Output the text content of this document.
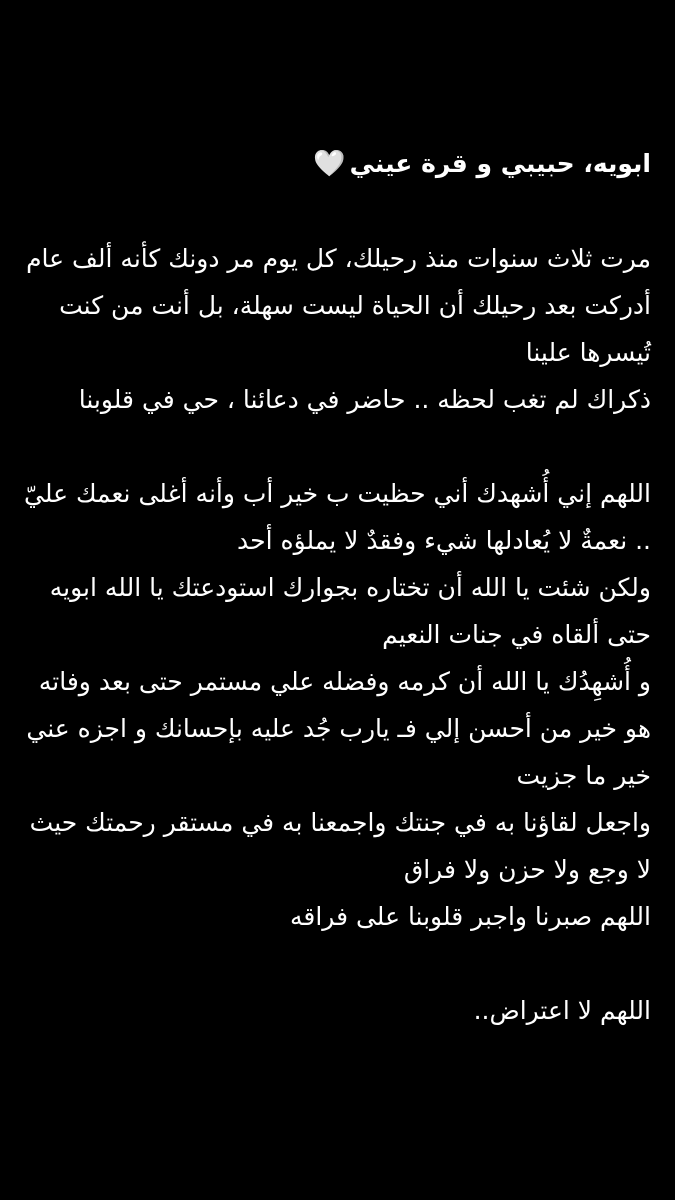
ابويه، حبيبي و قرة عيني🤍

مرت ثلاث سنوات منذ رحيلك، كل يوم مر دونك كأنه ألف عام

أدركت بعد رحيلك أن الحياة ليست سهلة، بل أنت من كنت تُيسرها علينا

ذكراك لم تغب لحظه .. حاضر في دعائنا ، حي في قلوبنا

اللهم إني أُشهدك أني حظيت ب خير أب وأنه أغلى نعمك عليّ .. نعمةٌ لا يُعادلها شيء وفقدٌ لا يملؤه أحد

ولكن شئت يا الله أن تختاره بجوارك استودعتك يا الله ابويه حتى ألقاه في جنات النعيم

و أُشهِدُك يا الله أن كرمه وفضله علي مستمر حتى بعد وفاته هو خير من أحسن إلي فـ يارب جُد عليه بإحسانك و اجزه عني خير ما جزيت

واجعل لقاؤنا به في جنتك واجمعنا به في مستقر رحمتك حيث لا وجع ولا حزن ولا فراق

اللهم صبرنا واجبر قلوبنا على فراقه

اللهم لا اعتراض..
